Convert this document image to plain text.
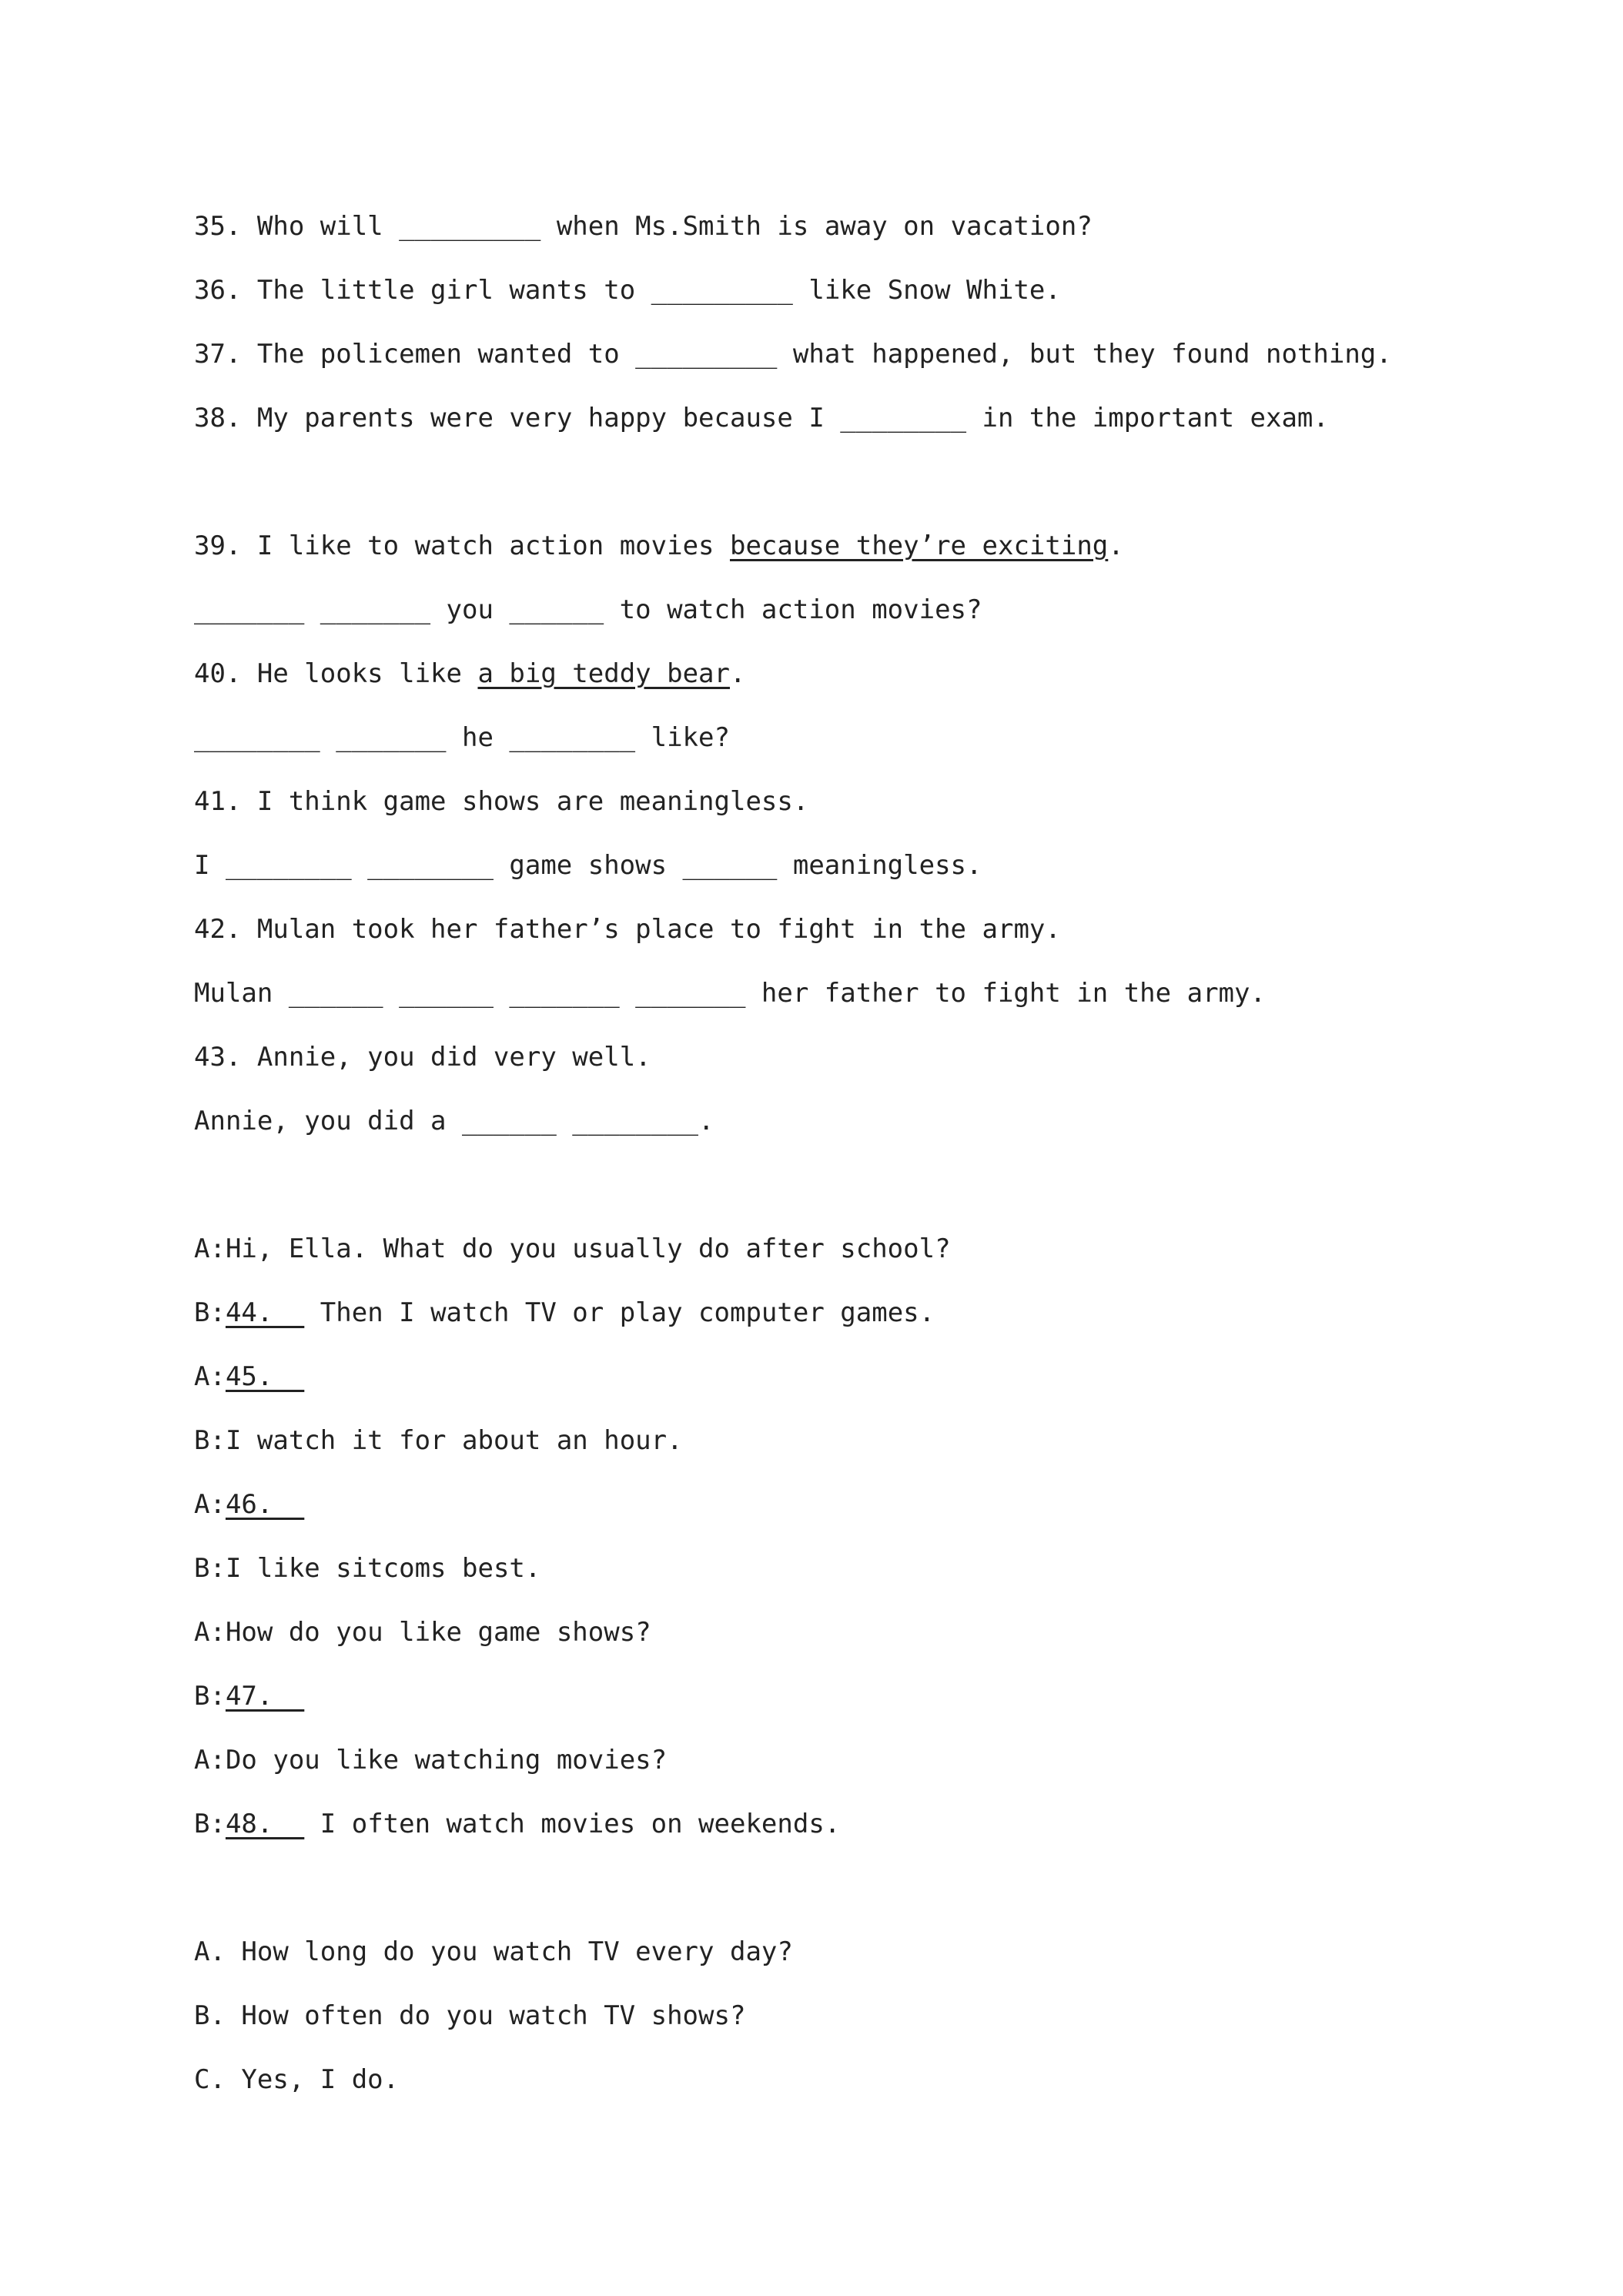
35. Who will _________ when Ms.Smith is away on vacation?
36. The little girl wants to _________ like Snow White.
37. The policemen wanted to _________ what happened, but they found nothing.
38. My parents were very happy because I ________ in the important exam.
39. I like to watch action movies because they’re exciting.
_______ _______ you ______ to watch action movies?
40. He looks like a big teddy bear.
________ _______ he ________ like?
41. I think game shows are meaningless.
I ________ ________ game shows ______ meaningless.
42. Mulan took her father’s place to fight in the army.
Mulan ______ ______ _______ _______ her father to fight in the army.
43. Annie, you did very well.
Annie, you did a ______ ________.
A:Hi, Ella. What do you usually do after school?
B:44.   Then I watch TV or play computer games.
A:45.
B:I watch it for about an hour.
A:46.
B:I like sitcoms best.
A:How do you like game shows?
B:47.
A:Do you like watching movies?
B:48.   I often watch movies on weekends.
A. How long do you watch TV every day?
B. How often do you watch TV shows?
C. Yes, I do.
